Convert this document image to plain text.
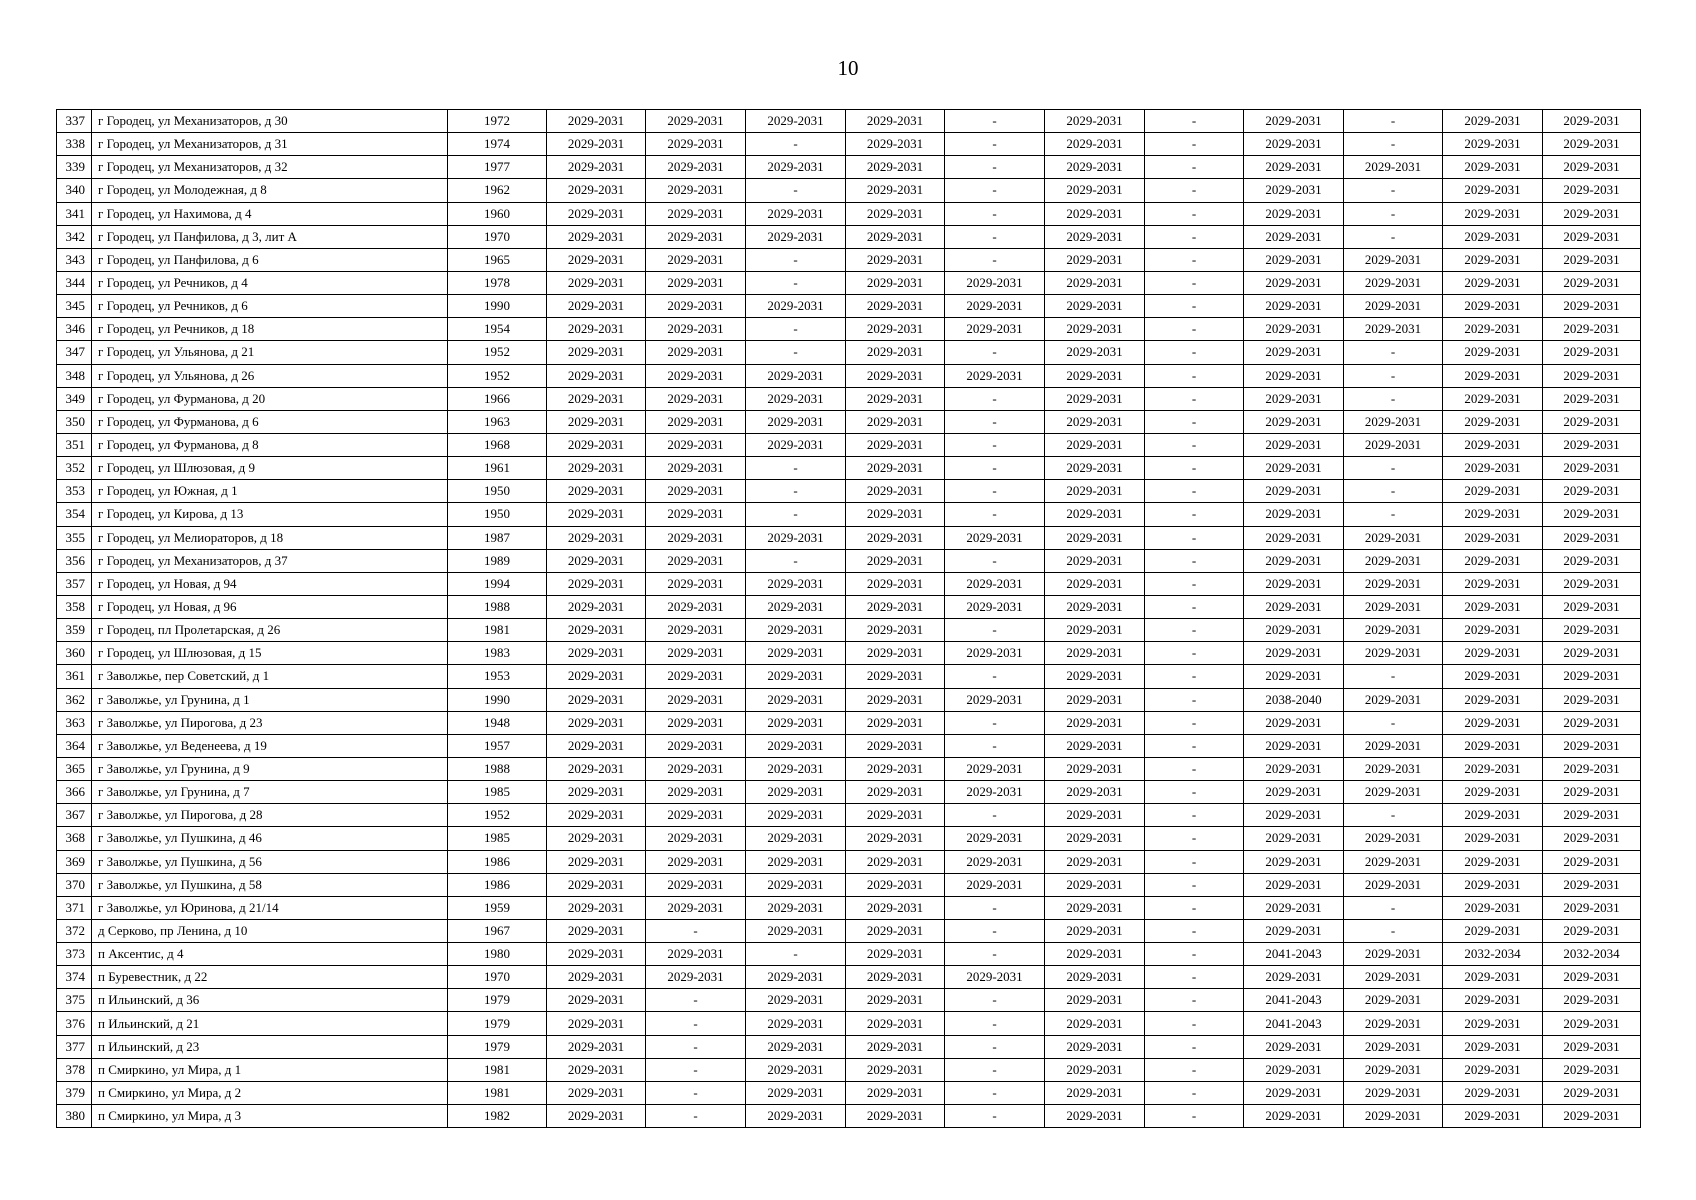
10
337	г Городец, ул Механизаторов, д 30	1972	2029-2031	2029-2031	2029-2031	2029-2031	-	2029-2031	-	2029-2031	-	2029-2031	2029-2031
338	г Городец, ул Механизаторов, д 31	1974	2029-2031	2029-2031	-	2029-2031	-	2029-2031	-	2029-2031	-	2029-2031	2029-2031
339	г Городец, ул Механизаторов, д 32	1977	2029-2031	2029-2031	2029-2031	2029-2031	-	2029-2031	-	2029-2031	2029-2031	2029-2031	2029-2031
340	г Городец, ул Молодежная, д 8	1962	2029-2031	2029-2031	-	2029-2031	-	2029-2031	-	2029-2031	-	2029-2031	2029-2031
341	г Городец, ул Нахимова, д 4	1960	2029-2031	2029-2031	2029-2031	2029-2031	-	2029-2031	-	2029-2031	-	2029-2031	2029-2031
342	г Городец, ул Панфилова, д 3, лит А	1970	2029-2031	2029-2031	2029-2031	2029-2031	-	2029-2031	-	2029-2031	-	2029-2031	2029-2031
343	г Городец, ул Панфилова, д 6	1965	2029-2031	2029-2031	-	2029-2031	-	2029-2031	-	2029-2031	2029-2031	2029-2031	2029-2031
344	г Городец, ул Речников, д 4	1978	2029-2031	2029-2031	-	2029-2031	2029-2031	2029-2031	-	2029-2031	2029-2031	2029-2031	2029-2031
345	г Городец, ул Речников, д 6	1990	2029-2031	2029-2031	2029-2031	2029-2031	2029-2031	2029-2031	-	2029-2031	2029-2031	2029-2031	2029-2031
346	г Городец, ул Речников, д 18	1954	2029-2031	2029-2031	-	2029-2031	2029-2031	2029-2031	-	2029-2031	2029-2031	2029-2031	2029-2031
347	г Городец, ул Ульянова, д 21	1952	2029-2031	2029-2031	-	2029-2031	-	2029-2031	-	2029-2031	-	2029-2031	2029-2031
348	г Городец, ул Ульянова, д 26	1952	2029-2031	2029-2031	2029-2031	2029-2031	2029-2031	2029-2031	-	2029-2031	-	2029-2031	2029-2031
349	г Городец, ул Фурманова, д 20	1966	2029-2031	2029-2031	2029-2031	2029-2031	-	2029-2031	-	2029-2031	-	2029-2031	2029-2031
350	г Городец, ул Фурманова, д 6	1963	2029-2031	2029-2031	2029-2031	2029-2031	-	2029-2031	-	2029-2031	2029-2031	2029-2031	2029-2031
351	г Городец, ул Фурманова, д 8	1968	2029-2031	2029-2031	2029-2031	2029-2031	-	2029-2031	-	2029-2031	2029-2031	2029-2031	2029-2031
352	г Городец, ул Шлюзовая, д 9	1961	2029-2031	2029-2031	-	2029-2031	-	2029-2031	-	2029-2031	-	2029-2031	2029-2031
353	г Городец, ул Южная, д 1	1950	2029-2031	2029-2031	-	2029-2031	-	2029-2031	-	2029-2031	-	2029-2031	2029-2031
354	г Городец, ул Кирова, д 13	1950	2029-2031	2029-2031	-	2029-2031	-	2029-2031	-	2029-2031	-	2029-2031	2029-2031
355	г Городец, ул Мелиораторов, д 18	1987	2029-2031	2029-2031	2029-2031	2029-2031	2029-2031	2029-2031	-	2029-2031	2029-2031	2029-2031	2029-2031
356	г Городец, ул Механизаторов, д 37	1989	2029-2031	2029-2031	-	2029-2031	-	2029-2031	-	2029-2031	2029-2031	2029-2031	2029-2031
357	г Городец, ул Новая, д 94	1994	2029-2031	2029-2031	2029-2031	2029-2031	2029-2031	2029-2031	-	2029-2031	2029-2031	2029-2031	2029-2031
358	г Городец, ул Новая, д 96	1988	2029-2031	2029-2031	2029-2031	2029-2031	2029-2031	2029-2031	-	2029-2031	2029-2031	2029-2031	2029-2031
359	г Городец, пл Пролетарская, д 26	1981	2029-2031	2029-2031	2029-2031	2029-2031	-	2029-2031	-	2029-2031	2029-2031	2029-2031	2029-2031
360	г Городец, ул Шлюзовая, д 15	1983	2029-2031	2029-2031	2029-2031	2029-2031	2029-2031	2029-2031	-	2029-2031	2029-2031	2029-2031	2029-2031
361	г Заволжье, пер Советский, д 1	1953	2029-2031	2029-2031	2029-2031	2029-2031	-	2029-2031	-	2029-2031	-	2029-2031	2029-2031
362	г Заволжье, ул Грунина, д 1	1990	2029-2031	2029-2031	2029-2031	2029-2031	2029-2031	2029-2031	-	2038-2040	2029-2031	2029-2031	2029-2031
363	г Заволжье, ул Пирогова, д 23	1948	2029-2031	2029-2031	2029-2031	2029-2031	-	2029-2031	-	2029-2031	-	2029-2031	2029-2031
364	г Заволжье, ул Веденеева, д 19	1957	2029-2031	2029-2031	2029-2031	2029-2031	-	2029-2031	-	2029-2031	2029-2031	2029-2031	2029-2031
365	г Заволжье, ул Грунина, д 9	1988	2029-2031	2029-2031	2029-2031	2029-2031	2029-2031	2029-2031	-	2029-2031	2029-2031	2029-2031	2029-2031
366	г Заволжье, ул Грунина, д 7	1985	2029-2031	2029-2031	2029-2031	2029-2031	2029-2031	2029-2031	-	2029-2031	2029-2031	2029-2031	2029-2031
367	г Заволжье, ул Пирогова, д 28	1952	2029-2031	2029-2031	2029-2031	2029-2031	-	2029-2031	-	2029-2031	-	2029-2031	2029-2031
368	г Заволжье, ул Пушкина, д 46	1985	2029-2031	2029-2031	2029-2031	2029-2031	2029-2031	2029-2031	-	2029-2031	2029-2031	2029-2031	2029-2031
369	г Заволжье, ул Пушкина, д 56	1986	2029-2031	2029-2031	2029-2031	2029-2031	2029-2031	2029-2031	-	2029-2031	2029-2031	2029-2031	2029-2031
370	г Заволжье, ул Пушкина, д 58	1986	2029-2031	2029-2031	2029-2031	2029-2031	2029-2031	2029-2031	-	2029-2031	2029-2031	2029-2031	2029-2031
371	г Заволжье, ул Юринова, д 21/14	1959	2029-2031	2029-2031	2029-2031	2029-2031	-	2029-2031	-	2029-2031	-	2029-2031	2029-2031
372	д Серково, пр Ленина, д 10	1967	2029-2031	-	2029-2031	2029-2031	-	2029-2031	-	2029-2031	-	2029-2031	2029-2031
373	п Аксентис, д 4	1980	2029-2031	2029-2031	-	2029-2031	-	2029-2031	-	2041-2043	2029-2031	2032-2034	2032-2034
374	п Буревестник, д 22	1970	2029-2031	2029-2031	2029-2031	2029-2031	2029-2031	2029-2031	-	2029-2031	2029-2031	2029-2031	2029-2031
375	п Ильинский, д 36	1979	2029-2031	-	2029-2031	2029-2031	-	2029-2031	-	2041-2043	2029-2031	2029-2031	2029-2031
376	п Ильинский, д 21	1979	2029-2031	-	2029-2031	2029-2031	-	2029-2031	-	2041-2043	2029-2031	2029-2031	2029-2031
377	п Ильинский, д 23	1979	2029-2031	-	2029-2031	2029-2031	-	2029-2031	-	2029-2031	2029-2031	2029-2031	2029-2031
378	п Смиркино, ул Мира, д 1	1981	2029-2031	-	2029-2031	2029-2031	-	2029-2031	-	2029-2031	2029-2031	2029-2031	2029-2031
379	п Смиркино, ул Мира, д 2	1981	2029-2031	-	2029-2031	2029-2031	-	2029-2031	-	2029-2031	2029-2031	2029-2031	2029-2031
380	п Смиркино, ул Мира, д 3	1982	2029-2031	-	2029-2031	2029-2031	-	2029-2031	-	2029-2031	2029-2031	2029-2031	2029-2031
